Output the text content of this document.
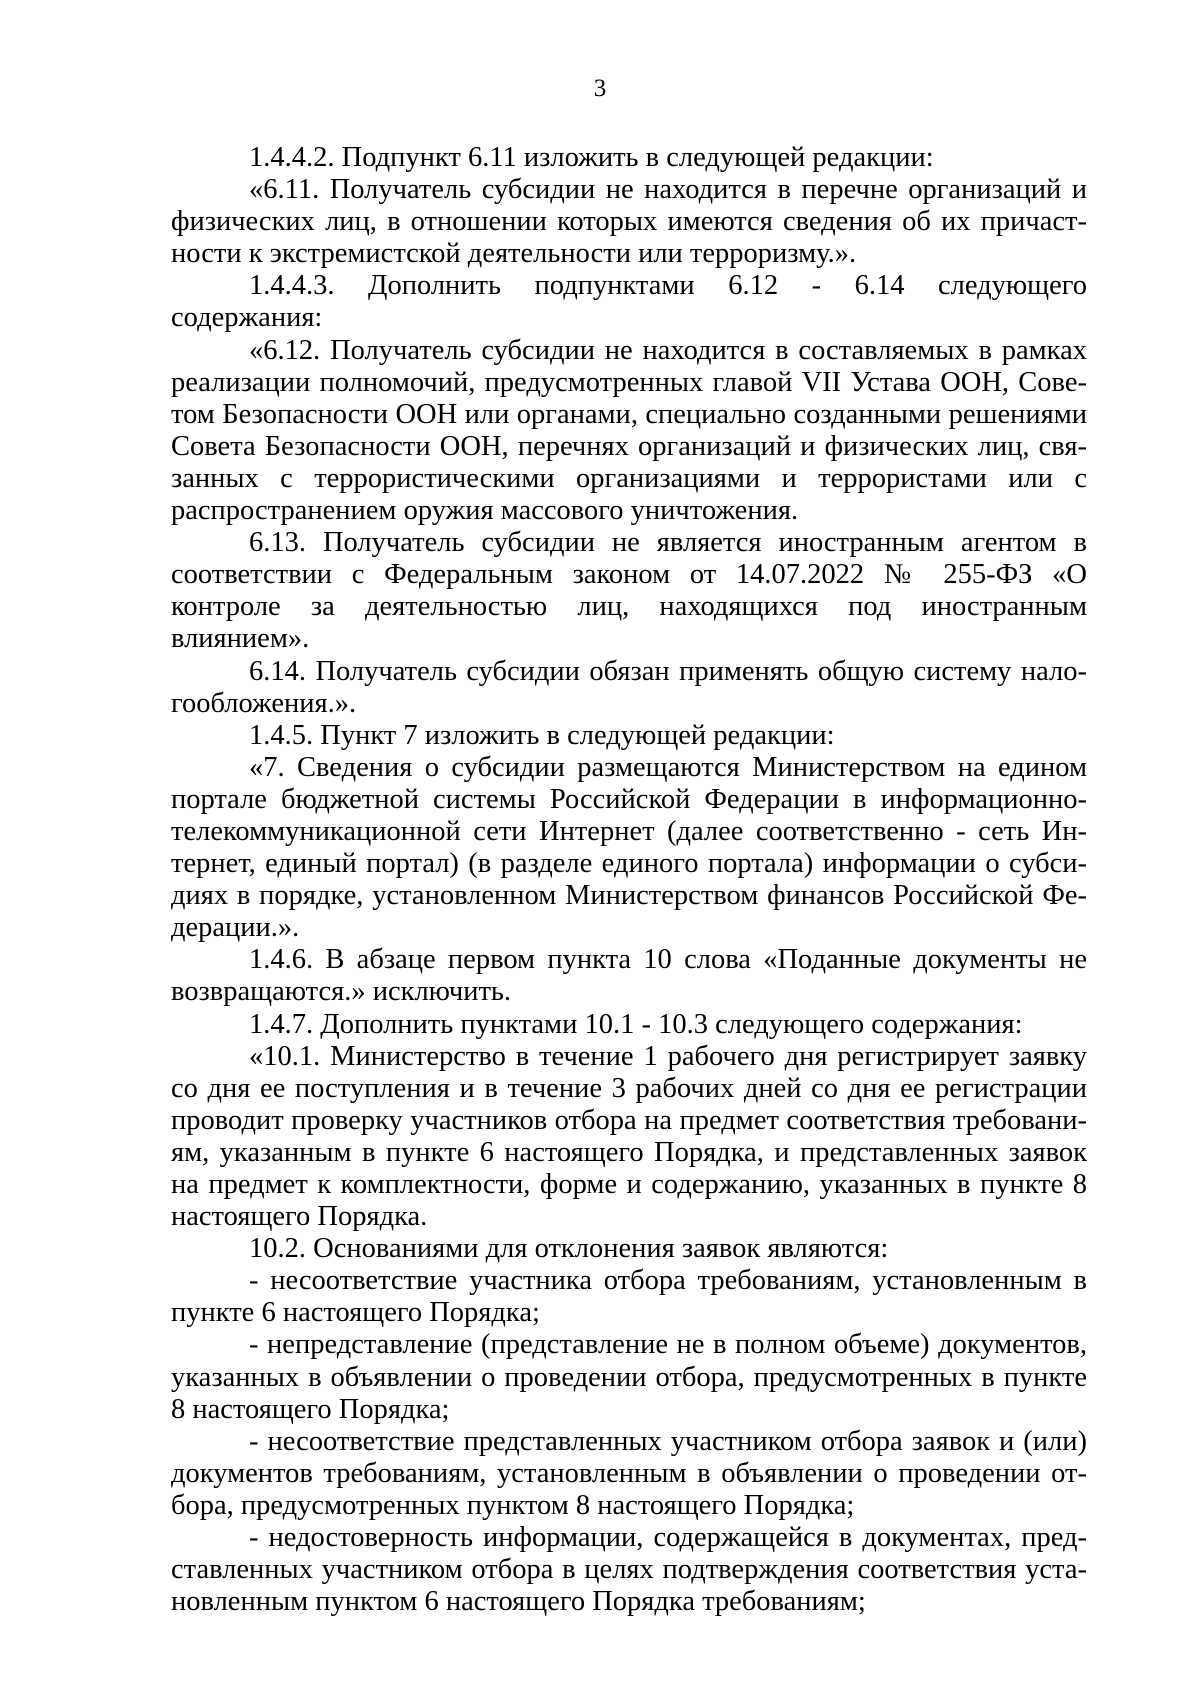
3

1.4.4.2. Подпункт 6.11 изложить в следующей редакции:

«6.11. Получатель субсидии не находится в перечне организаций и физических лиц, в отношении которых имеются сведения об их причастности к экстремистской деятельности или терроризму.».

1.4.4.3. Дополнить подпунктами 6.12 - 6.14 следующего содержания:

«6.12. Получатель субсидии не находится в составляемых в рамках реализации полномочий, предусмотренных главой VII Устава ООН, Советом Безопасности ООН или органами, специально созданными решениями Совета Безопасности ООН, перечнях организаций и физических лиц, связанных с террористическими организациями и террористами или с распространением оружия массового уничтожения.

6.13. Получатель субсидии не является иностранным агентом в соответствии с Федеральным законом от 14.07.2022 № 255-ФЗ «О контроле за деятельностью лиц, находящихся под иностранным влиянием».

6.14. Получатель субсидии обязан применять общую систему налогообложения.».

1.4.5. Пункт 7 изложить в следующей редакции:

«7. Сведения о субсидии размещаются Министерством на едином портале бюджетной системы Российской Федерации в информационно-телекоммуникационной сети Интернет (далее соответственно - сеть Интернет, единый портал) (в разделе единого портала) информации о субсидиях в порядке, установленном Министерством финансов Российской Федерации.».

1.4.6. В абзаце первом пункта 10 слова «Поданные документы не возвращаются.» исключить.

1.4.7. Дополнить пунктами 10.1 - 10.3 следующего содержания:

«10.1. Министерство в течение 1 рабочего дня регистрирует заявку со дня ее поступления и в течение 3 рабочих дней со дня ее регистрации проводит проверку участников отбора на предмет соответствия требованиям, указанным в пункте 6 настоящего Порядка, и представленных заявок на предмет к комплектности, форме и содержанию, указанных в пункте 8 настоящего Порядка.

10.2. Основаниями для отклонения заявок являются:

- несоответствие участника отбора требованиям, установленным в пункте 6 настоящего Порядка;

- непредставление (представление не в полном объеме) документов, указанных в объявлении о проведении отбора, предусмотренных в пункте 8 настоящего Порядка;

- несоответствие представленных участником отбора заявок и (или) документов требованиям, установленным в объявлении о проведении отбора, предусмотренных пунктом 8 настоящего Порядка;

- недостоверность информации, содержащейся в документах, представленных участником отбора в целях подтверждения соответствия установленным пунктом 6 настоящего Порядка требованиям;
